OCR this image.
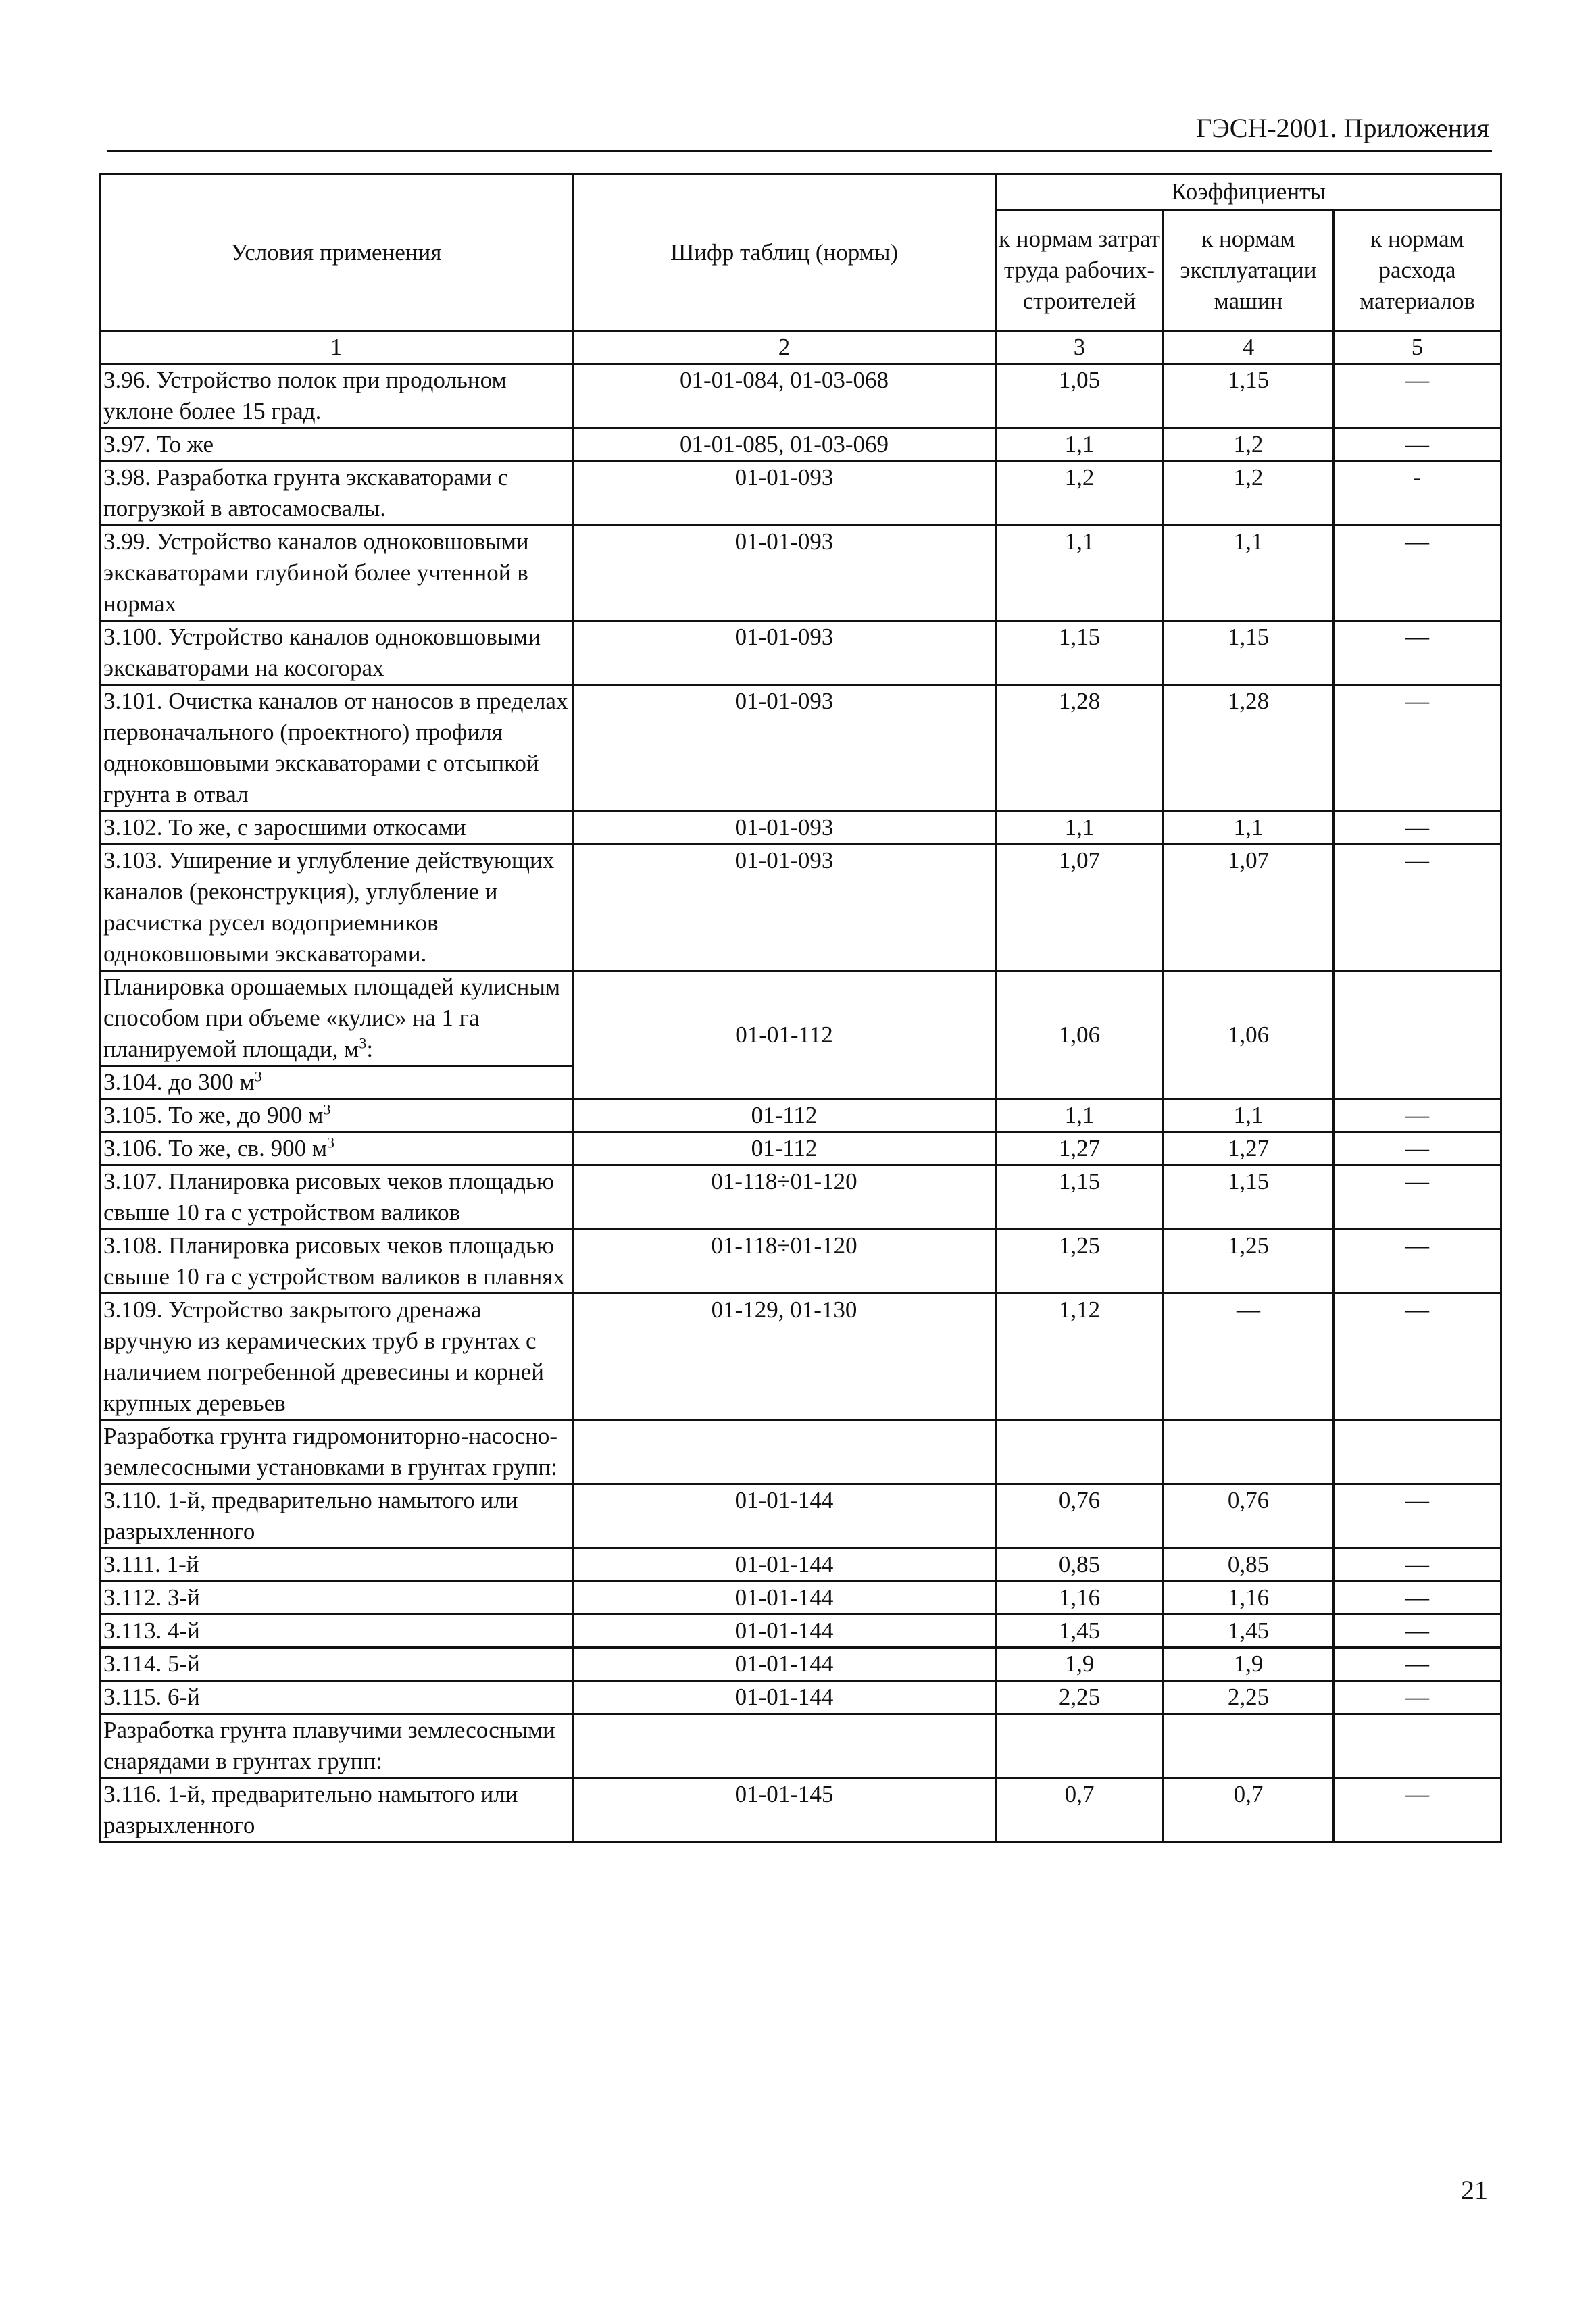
ГЭСН-2001. Приложения
Условия применения	Шифр таблиц (нормы)	Коэффициенты		
		к нормам затрат труда рабочих-строителей	к нормам эксплуатации машин	к нормам расхода материалов
1	2	3	4	5
3.96. Устройство полок при продольном уклоне более 15 град.	01-01-084, 01-03-068	1,05	1,15	—
3.97. То же	01-01-085, 01-03-069	1,1	1,2	—
3.98. Разработка грунта экскаваторами с погрузкой в автосамосвалы.	01-01-093	1,2	1,2	-
3.99. Устройство каналов одноковшовыми экскаваторами глубиной более учтенной в нормах	01-01-093	1,1	1,1	—
3.100. Устройство каналов одноковшовыми экскаваторами на косогорах	01-01-093	1,15	1,15	—
3.101. Очистка каналов от наносов в пределах первоначального (проектного) профиля одноковшовыми экскаваторами с отсыпкой грунта в отвал	01-01-093	1,28	1,28	—
3.102. То же, с заросшими откосами	01-01-093	1,1	1,1	—
3.103. Уширение и углубление действующих каналов (реконструкция), углубление и расчистка русел водоприемников одноковшовыми экскаваторами.	01-01-093	1,07	1,07	—
Планировка орошаемых площадей кулисным способом при объеме «кулис» на 1 га планируемой площади, $м^3$:
3.104. до 300 $м^3$	01-01-112	1,06	1,06	
3.105. То же, до 900 $м^3$	01-112	1,1	1,1	—
3.106. То же, св. 900 $м^3$	01-112	1,27	1,27	—
3.107. Планировка рисовых чеков площадью свыше 10 га с устройством валиков	01-118÷01-120	1,15	1,15	—
3.108. Планировка рисовых чеков площадью свыше 10 га с устройством валиков в плавнях	01-118÷01-120	1,25	1,25	—
3.109. Устройство закрытого дренажа вручную из керамических труб в грунтах с наличием погребенной древесины и корней крупных деревьев	01-129, 01-130	1,12	—	—
Разработка грунта гидромониторно-насосно-землесосными установками в грунтах групп:				
3.110. 1-й, предварительно намытого или разрыхленного	01-01-144	0,76	0,76	—
3.111. 1-й	01-01-144	0,85	0,85	—
3.112. 3-й	01-01-144	1,16	1,16	—
3.113. 4-й	01-01-144	1,45	1,45	—
3.114. 5-й	01-01-144	1,9	1,9	—
3.115. 6-й	01-01-144	2,25	2,25	—
Разработка грунта плавучими землесосными снарядами в грунтах групп:				
3.116. 1-й, предварительно намытого или разрыхленного	01-01-145	0,7	0,7	—
21
